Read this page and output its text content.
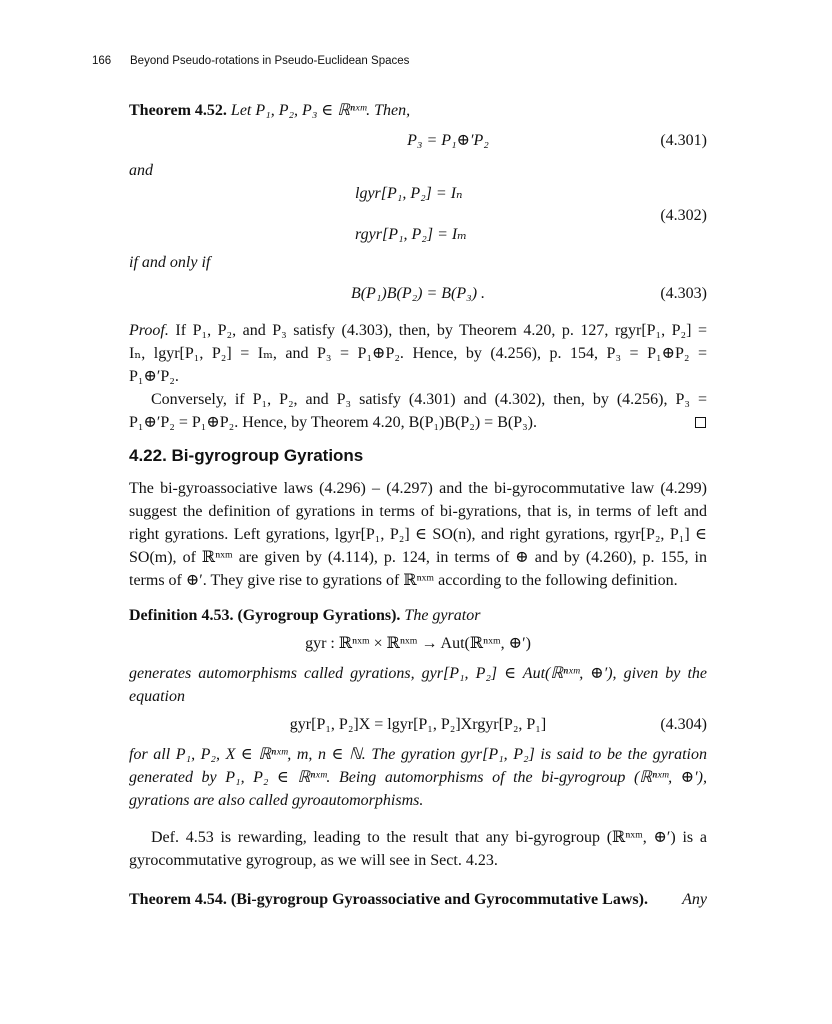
166 Beyond Pseudo-rotations in Pseudo-Euclidean Spaces
Theorem 4.52. Let P₁, P₂, P₃ ∈ ℝⁿˣᵐ. Then,
P₃ = P₁⊕′P₂	(4.301)
and
lgyr[P₁, P₂] = Iₙ
rgyr[P₁, P₂] = Iₘ
(4.302)
if and only if
B(P₁)B(P₂) = B(P₃) .	(4.303)
Proof. If P₁, P₂, and P₃ satisfy (4.303), then, by Theorem 4.20, p. 127, rgyr[P₁, P₂] =
Iₙ, lgyr[P₁, P₂] = Iₘ, and P₃ = P₁⊕P₂. Hence, by (4.256), p. 154, P₃ = P₁⊕P₂ =
P₁⊕′P₂.
Conversely, if P₁, P₂, and P₃ satisfy (4.301) and (4.302), then, by (4.256), P₃ =
P₁⊕′P₂ = P₁⊕P₂. Hence, by Theorem 4.20, B(P₁)B(P₂) = B(P₃).
4.22. Bi-gyrogroup Gyrations
The bi-gyroassociative laws (4.296) – (4.297) and the bi-gyrocommutative law (4.299)
suggest the definition of gyrations in terms of bi-gyrations, that is, in terms of left and
right gyrations. Left gyrations, lgyr[P₁, P₂] ∈ SO(n), and right gyrations, rgyr[P₂, P₁] ∈
SO(m), of ℝⁿˣᵐ are given by (4.114), p. 124, in terms of ⊕ and by (4.260), p. 155, in
terms of ⊕′. They give rise to gyrations of ℝⁿˣᵐ according to the following definition.
Definition 4.53. (Gyrogroup Gyrations). The gyrator
gyr : ℝⁿˣᵐ × ℝⁿˣᵐ → Aut(ℝⁿˣᵐ, ⊕′)
generates automorphisms called gyrations, gyr[P₁, P₂] ∈ Aut(ℝⁿˣᵐ, ⊕′), given by the
equation
gyr[P₁, P₂]X = lgyr[P₁, P₂]Xrgyr[P₂, P₁]	(4.304)
for all P₁, P₂, X ∈ ℝⁿˣᵐ, m, n ∈ ℕ. The gyration gyr[P₁, P₂] is said to be the gyration
generated by P₁, P₂ ∈ ℝⁿˣᵐ. Being automorphisms of the bi-gyrogroup (ℝⁿˣᵐ, ⊕′),
gyrations are also called gyroautomorphisms.
Def. 4.53 is rewarding, leading to the result that any bi-gyrogroup (ℝⁿˣᵐ, ⊕′) is a
gyrocommutative gyrogroup, as we will see in Sect. 4.23.
Theorem 4.54. (Bi-gyrogroup Gyroassociative and Gyrocommutative Laws). Any
